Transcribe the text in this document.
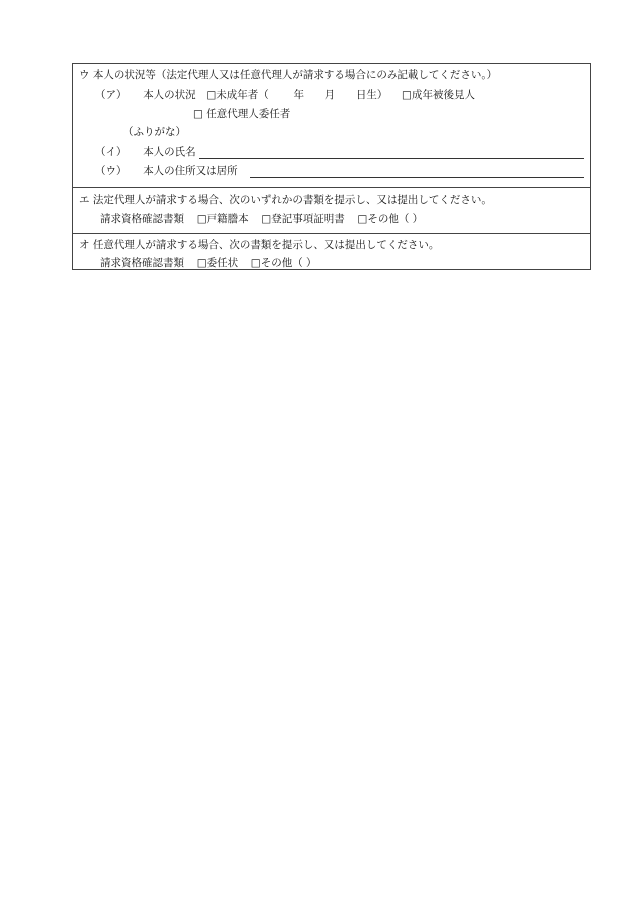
ウ 本人の状況等（法定代理人又は任意代理人が請求する場合にのみ記載してください。）
（ア） 本人の状況 □未成年者（ 年 月 日生） □成年被後見人
□ 任意代理人委任者
（ふりがな）
（イ） 本人の氏名
（ウ） 本人の住所又は居所
エ 法定代理人が請求する場合、次のいずれかの書類を提示し、又は提出してください。
請求資格確認書類 □戸籍謄本 □登記事項証明書 □その他（ ）
オ 任意代理人が請求する場合、次の書類を提示し、又は提出してください。
請求資格確認書類 □委任状 □その他（ ）
